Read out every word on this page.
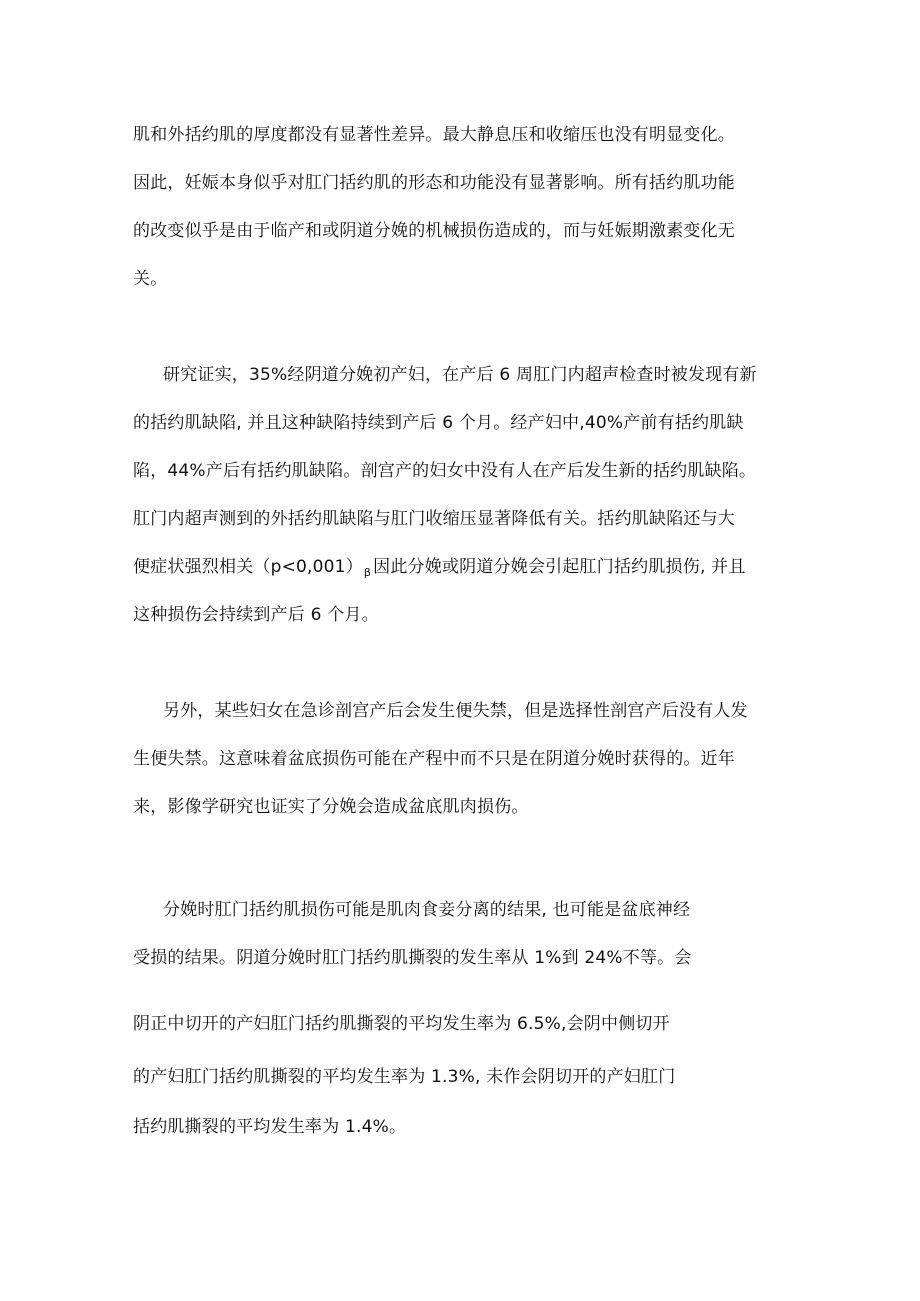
肌和外括约肌的厚度都没有显著性差异。最大静息压和收缩压也没有明显变化。

因此，妊娠本身似乎对肛门括约肌的形态和功能没有显著影响。所有括约肌功能

的改变似乎是由于临产和或阴道分娩的机械损伤造成的，而与妊娠期激素变化无

关。

研究证实，35%经阴道分娩初产妇，在产后 6 周肛门内超声检查时被发现有新

的括约肌缺陷, 并且这种缺陷持续到产后 6 个月。经产妇中,40%产前有括约肌缺

陷，44%产后有括约肌缺陷。剖宫产的妇女中没有人在产后发生新的括约肌缺陷。

肛门内超声测到的外括约肌缺陷与肛门收缩压显著降低有关。括约肌缺陷还与大

便症状强烈相关$(p<0,001)_\beta$ 因此分娩或阴道分娩会引起肛门括约肌损伤, 并且

这种损伤会持续到产后 6 个月。

另外，某些妇女在急诊剖宫产后会发生便失禁，但是选择性剖宫产后没有人发

生便失禁。这意味着盆底损伤可能在产程中而不只是在阴道分娩时获得的。近年

来，影像学研究也证实了分娩会造成盆底肌肉损伤。

分娩时肛门括约肌损伤可能是肌肉食妾分离的结果, 也可能是盆底神经

受损的结果。阴道分娩时肛门括约肌撕裂的发生率从 1%到 24%不等。会

阴正中切开的产妇肛门括约肌撕裂的平均发生率为 6.5%,会阴中侧切开

的产妇肛门括约肌撕裂的平均发生率为 1.3%, 未作会阴切开的产妇肛门

括约肌撕裂的平均发生率为 1.4%。
